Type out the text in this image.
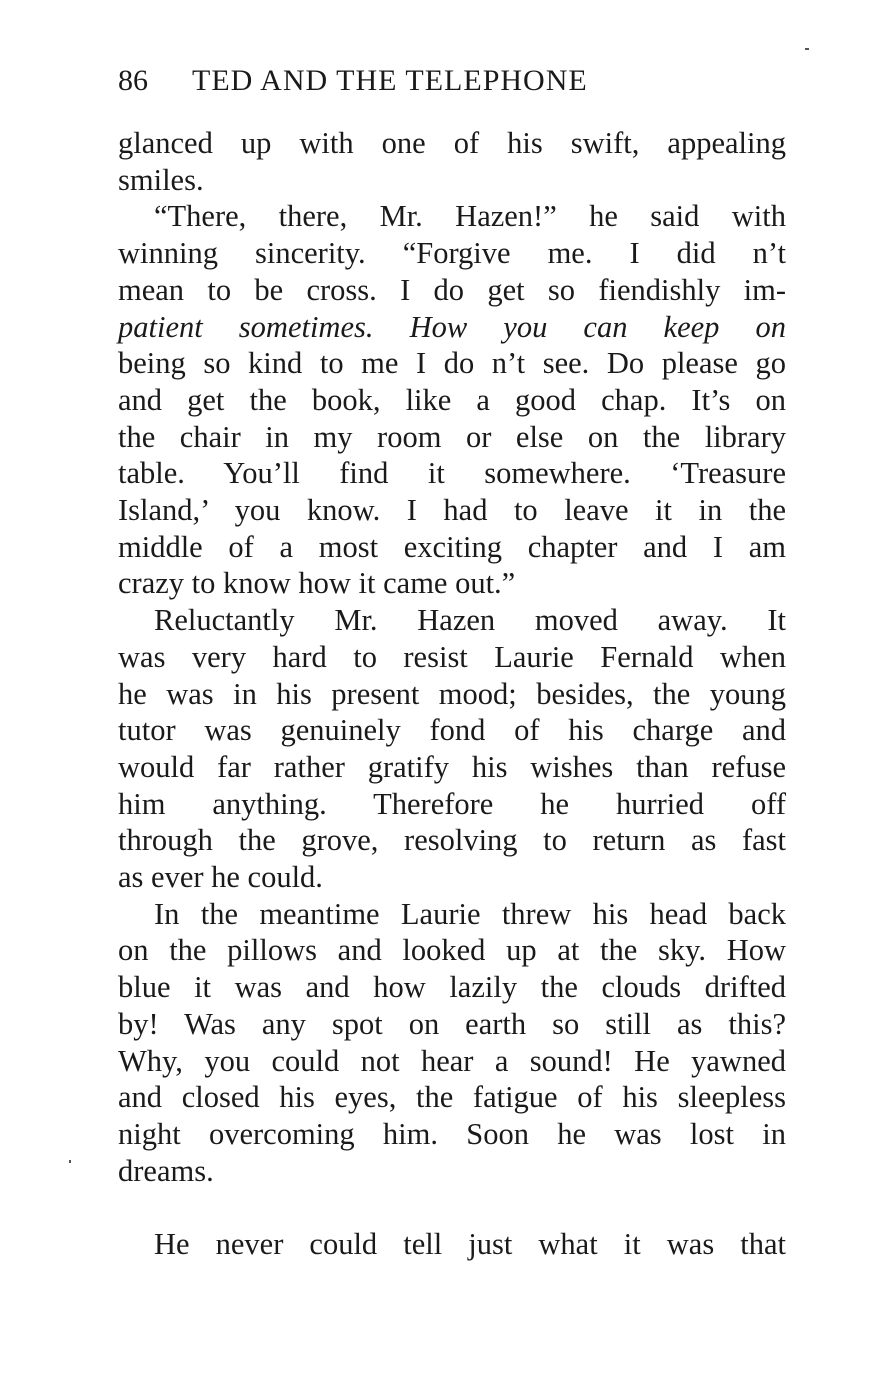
86 TED AND THE TELEPHONE
glanced up with one of his swift, appealing
smiles.
“There, there, Mr. Hazen!” he said with
winning sincerity. “Forgive me. I did n’t
mean to be cross. I do get so fiendishly im-
patient sometimes. How you can keep on
being so kind to me I do n’t see. Do please go
and get the book, like a good chap. It’s on
the chair in my room or else on the library
table. You’ll find it somewhere. ‘Treasure
Island,’ you know. I had to leave it in the
middle of a most exciting chapter and I am
crazy to know how it came out.”
Reluctantly Mr. Hazen moved away. It
was very hard to resist Laurie Fernald when
he was in his present mood; besides, the young
tutor was genuinely fond of his charge and
would far rather gratify his wishes than refuse
him anything. Therefore he hurried off
through the grove, resolving to return as fast
as ever he could.
In the meantime Laurie threw his head back
on the pillows and looked up at the sky. How
blue it was and how lazily the clouds drifted
by! Was any spot on earth so still as this?
Why, you could not hear a sound! He yawned
and closed his eyes, the fatigue of his sleepless
night overcoming him. Soon he was lost in
dreams.
He never could tell just what it was that
